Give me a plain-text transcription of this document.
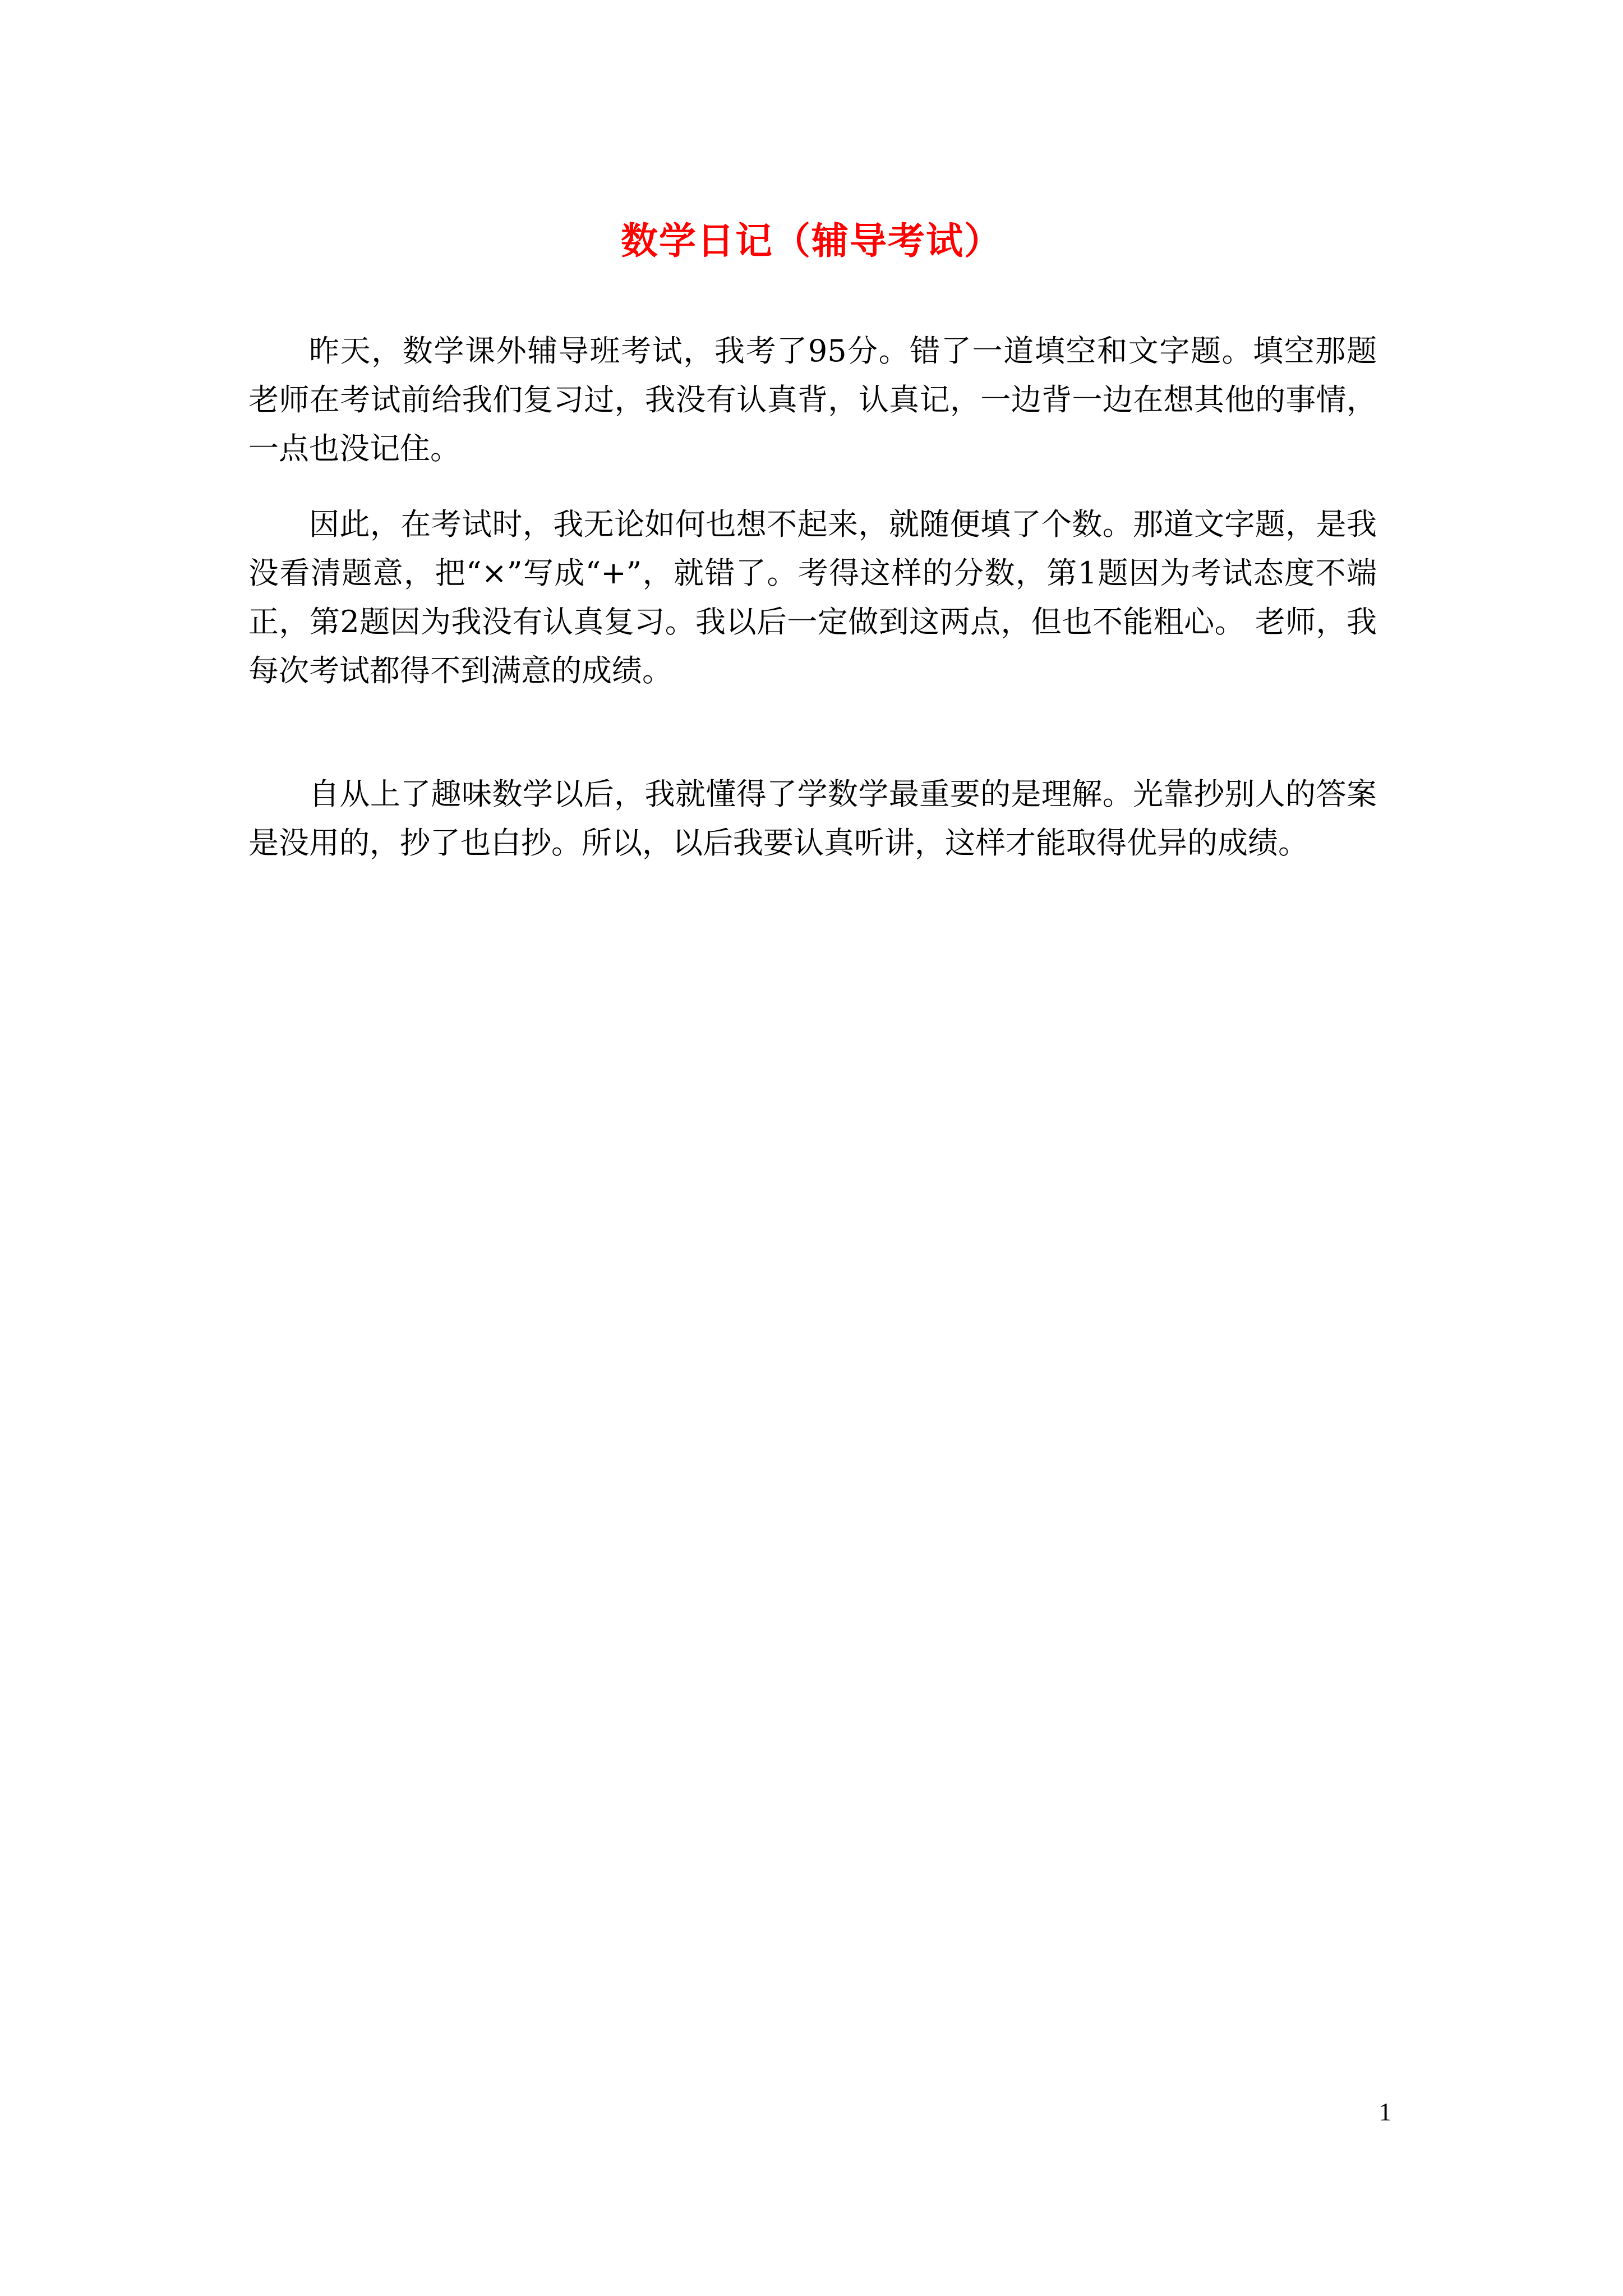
数学日记（辅导考试）

昨天，数学课外辅导班考试，我考了95分。错了一道填空和文字题。填空那题老师在考试前给我们复习过，我没有认真背，认真记，一边背一边在想其他的事情，一点也没记住。

因此，在考试时，我无论如何也想不起来，就随便填了个数。那道文字题，是我没看清题意，把“×”写成“+”，就错了。考得这样的分数，第1题因为考试态度不端正，第2题因为我没有认真复习。我以后一定做到这两点，但也不能粗心。 老师，我每次考试都得不到满意的成绩。

自从上了趣味数学以后，我就懂得了学数学最重要的是理解。光靠抄别人的答案是没用的，抄了也白抄。所以，以后我要认真听讲，这样才能取得优异的成绩。

1
